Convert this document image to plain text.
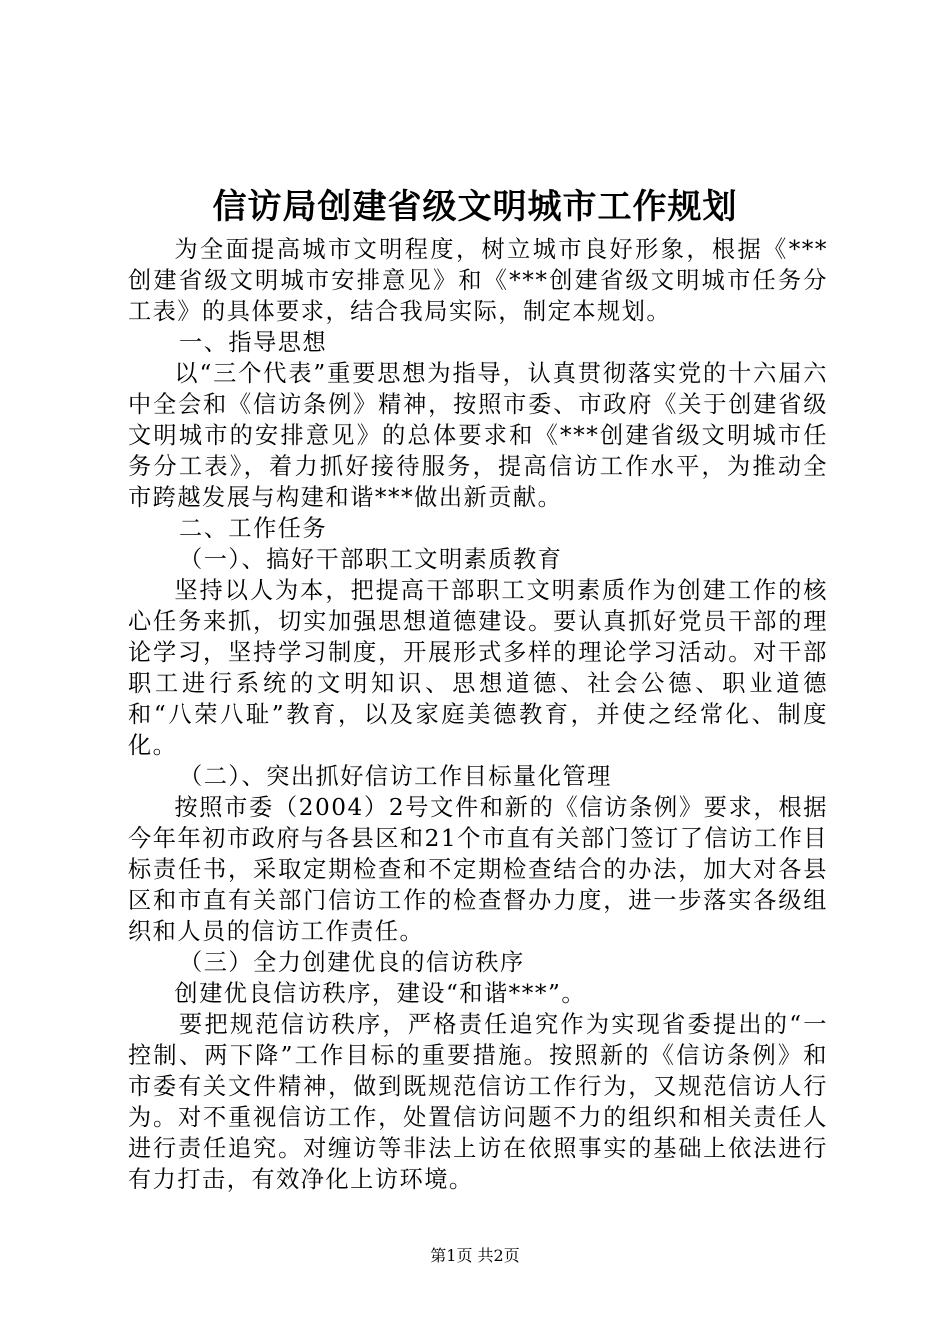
信访局创建省级文明城市工作规划

为全面提高城市文明程度，树立城市良好形象，根据《***创建省级文明城市安排意见》和《***创建省级文明城市任务分工表》的具体要求，结合我局实际，制定本规划。

一、指导思想

以“三个代表”重要思想为指导，认真贯彻落实党的十六届六中全会和《信访条例》精神，按照市委、市政府《关于创建省级文明城市的安排意见》的总体要求和《***创建省级文明城市任务分工表》，着力抓好接待服务，提高信访工作水平，为推动全市跨越发展与构建和谐***做出新贡献。

二、工作任务

（一）、搞好干部职工文明素质教育

坚持以人为本，把提高干部职工文明素质作为创建工作的核心任务来抓，切实加强思想道德建设。要认真抓好党员干部的理论学习，坚持学习制度，开展形式多样的理论学习活动。对干部职工进行系统的文明知识、思想道德、社会公德、职业道德和“八荣八耻”教育，以及家庭美德教育，并使之经常化、制度化。

（二）、突出抓好信访工作目标量化管理

按照市委（2004）2号文件和新的《信访条例》要求，根据今年年初市政府与各县区和21个市直有关部门签订了信访工作目标责任书，采取定期检查和不定期检查结合的办法，加大对各县区和市直有关部门信访工作的检查督办力度，进一步落实各级组织和人员的信访工作责任。

（三）全力创建优良的信访秩序

创建优良信访秩序，建设“和谐***”。

要把规范信访秩序，严格责任追究作为实现省委提出的“一控制、两下降”工作目标的重要措施。按照新的《信访条例》和市委有关文件精神，做到既规范信访工作行为，又规范信访人行为。对不重视信访工作，处置信访问题不力的组织和相关责任人进行责任追究。对缠访等非法上访在依照事实的基础上依法进行有力打击，有效净化上访环境。

第1页 共2页
